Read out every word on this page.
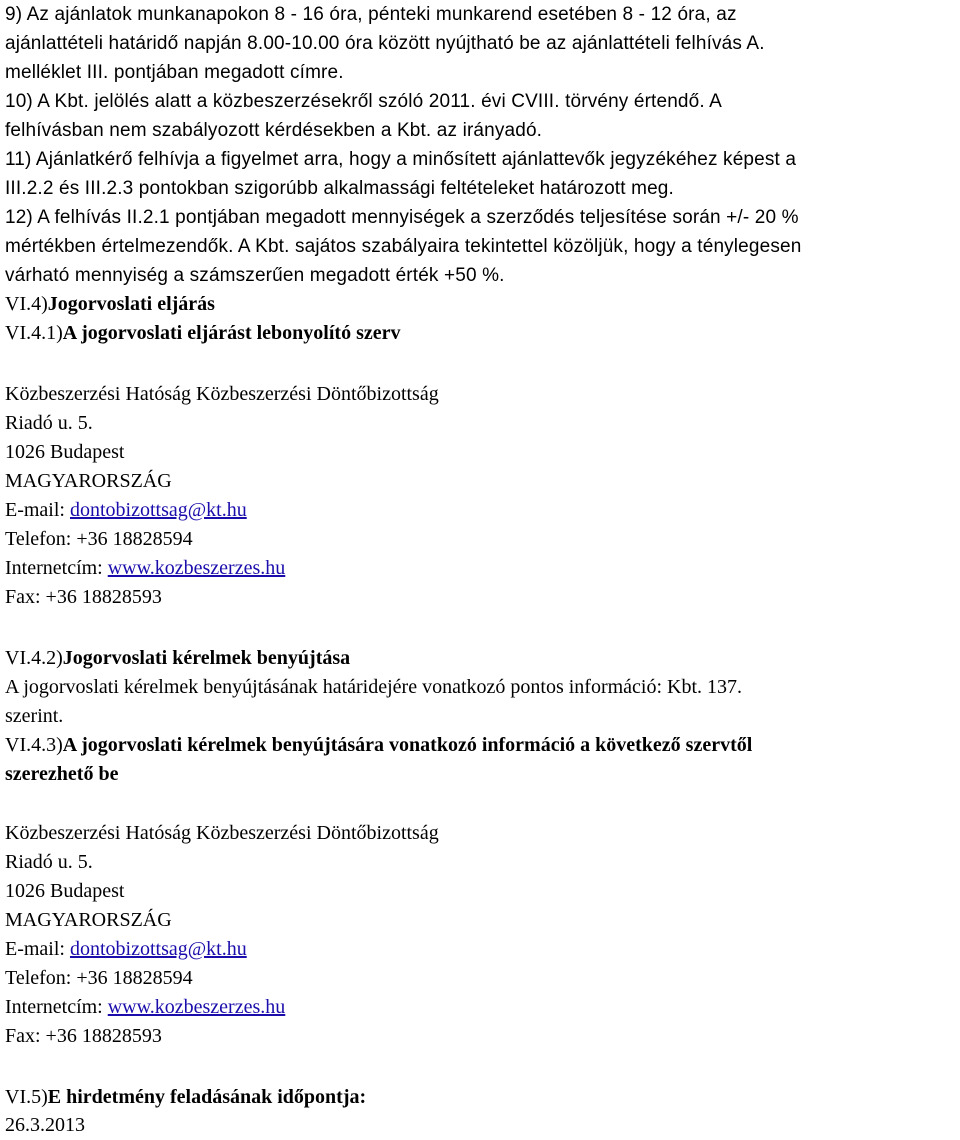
9) Az ajánlatok munkanapokon 8 - 16 óra, pénteki munkarend esetében 8 - 12 óra, az
ajánlattételi határidő napján 8.00-10.00 óra között nyújtható be az ajánlattételi felhívás A.
melléklet III. pontjában megadott címre.
10) A Kbt. jelölés alatt a közbeszerzésekről szóló 2011. évi CVIII. törvény értendő. A
felhívásban nem szabályozott kérdésekben a Kbt. az irányadó.
11) Ajánlatkérő felhívja a figyelmet arra, hogy a minősített ajánlattevők jegyzékéhez képest a
III.2.2 és III.2.3 pontokban szigorúbb alkalmassági feltételeket határozott meg.
12) A felhívás II.2.1 pontjában megadott mennyiségek a szerződés teljesítése során +/- 20 %
mértékben értelmezendők. A Kbt. sajátos szabályaira tekintettel közöljük, hogy a ténylegesen
várható mennyiség a számszerűen megadott érték +50 %.
VI.4)Jogorvoslati eljárás
VI.4.1)A jogorvoslati eljárást lebonyolító szerv
Közbeszerzési Hatóság Közbeszerzési Döntőbizottság
Riadó u. 5.
1026 Budapest
MAGYARORSZÁG
E-mail: dontobizottsag@kt.hu
Telefon: +36 18828594
Internetcím: www.kozbeszerzes.hu
Fax: +36 18828593
VI.4.2)Jogorvoslati kérelmek benyújtása
A jogorvoslati kérelmek benyújtásának határidejére vonatkozó pontos információ: Kbt. 137.
szerint.
VI.4.3)A jogorvoslati kérelmek benyújtására vonatkozó információ a következő szervtől
szerezhető be
Közbeszerzési Hatóság Közbeszerzési Döntőbizottság
Riadó u. 5.
1026 Budapest
MAGYARORSZÁG
E-mail: dontobizottsag@kt.hu
Telefon: +36 18828594
Internetcím: www.kozbeszerzes.hu
Fax: +36 18828593
VI.5)E hirdetmény feladásának időpontja:
26.3.2013
